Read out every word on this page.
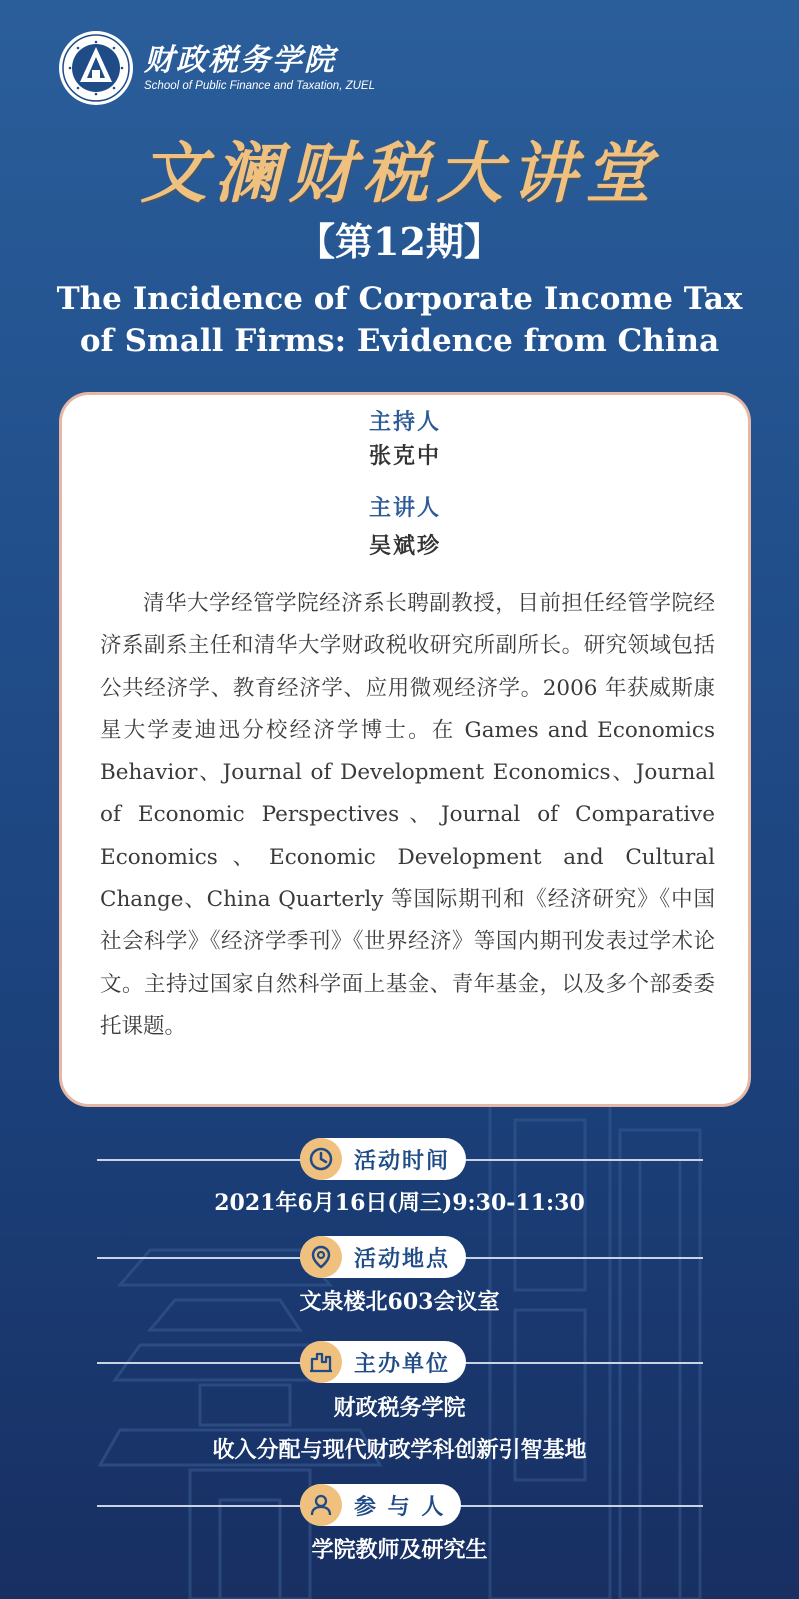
财政税务学院
School of Public Finance and Taxation, ZUEL
文澜财税大讲堂
【第12期】
The Incidence of Corporate Income Tax
of Small Firms: Evidence from China
主持人
张克中
主讲人
吴斌珍
清华大学经管学院经济系长聘副教授，目前担任经管学院经济系副系主任和清华大学财政税收研究所副所长。研究领域包括公共经济学、教育经济学、应用微观经济学。2006 年获威斯康星大学麦迪迅分校经济学博士。在 Games and Economics Behavior、Journal of Development Economics、Journal of Economic Perspectives、Journal of Comparative Economics、Economic Development and Cultural Change、China Quarterly 等国际期刊和《经济研究》《中国社会科学》《经济学季刊》《世界经济》等国内期刊发表过学术论文。主持过国家自然科学面上基金、青年基金，以及多个部委委托课题。
活动时间
2021年6月16日(周三)9:30-11:30
活动地点
文泉楼北603会议室
主办单位
财政税务学院
收入分配与现代财政学科创新引智基地
参 与 人
学院教师及研究生
